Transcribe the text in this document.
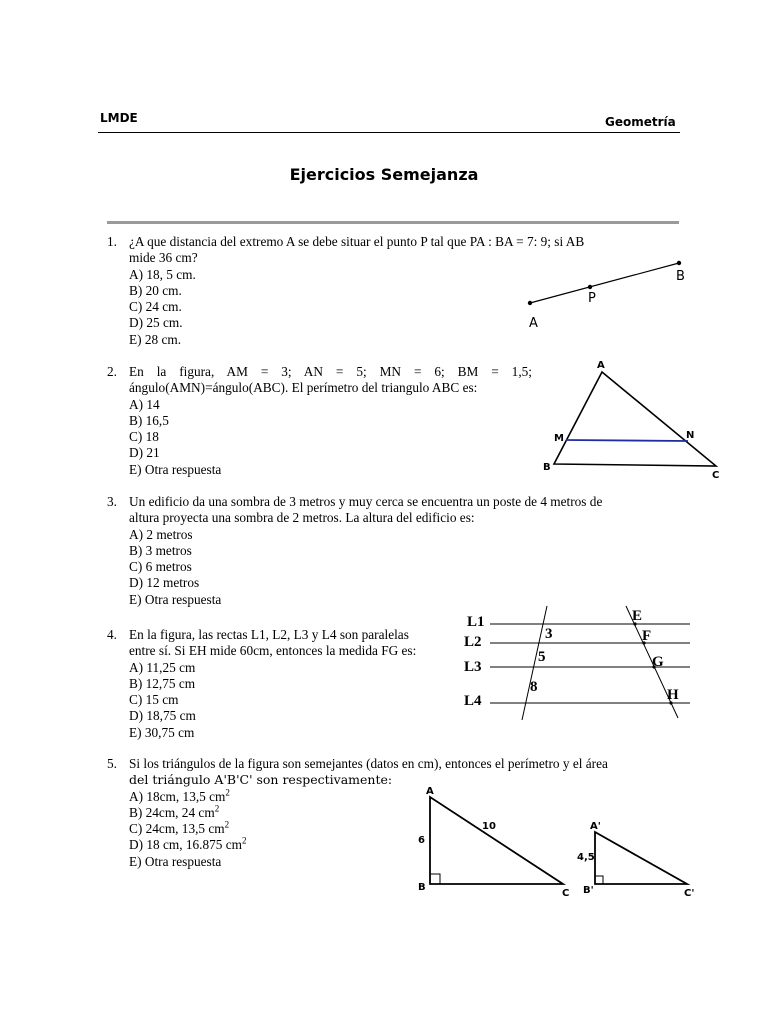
LMDE	Geometría
Ejercicios Semejanza
1. ¿A que distancia del extremo A se debe situar el punto P tal que PA : BA = 7: 9; si AB
mide 36 cm?
A) 18, 5 cm.
B) 20 cm.
C) 24 cm.
D) 25 cm.
E) 28 cm.
A
P
B
2. En la figura, AM = 3; AN = 5; MN = 6; BM = 1,5;
ángulo(AMN)=ángulo(ABC). El perímetro del triangulo ABC es:
A) 14
B) 16,5
C) 18
D) 21
E) Otra respuesta
A
M	N
B
C
3. Un edificio da una sombra de 3 metros y muy cerca se encuentra un poste de 4 metros de
altura proyecta una sombra de 2 metros. La altura del edificio es:
A) 2 metros
B) 3 metros
C) 6 metros
D) 12 metros
E) Otra respuesta
4. En la figura, las rectas L1, L2, L3 y L4 son paralelas
entre sí. Si EH mide 60cm, entonces la medida FG es:
A) 11,25 cm
B) 12,75 cm
C) 15 cm
D) 18,75 cm
E) 30,75 cm
L1
L2
L3
L4
3
5
8
E
F
G
H
5. Si los triángulos de la figura son semejantes (datos en cm), entonces el perímetro y el área
del triángulo A'B'C' son respectivamente:
A) 18cm, 13,5 $cm^2$
B) 24cm, 24 $cm^2$
C) 24cm, 13,5 $cm^2$
D) 18 cm, 16.875 $cm^2$
E) Otra respuesta
A
B
C
6
10	A'
B'	C'
4,5
